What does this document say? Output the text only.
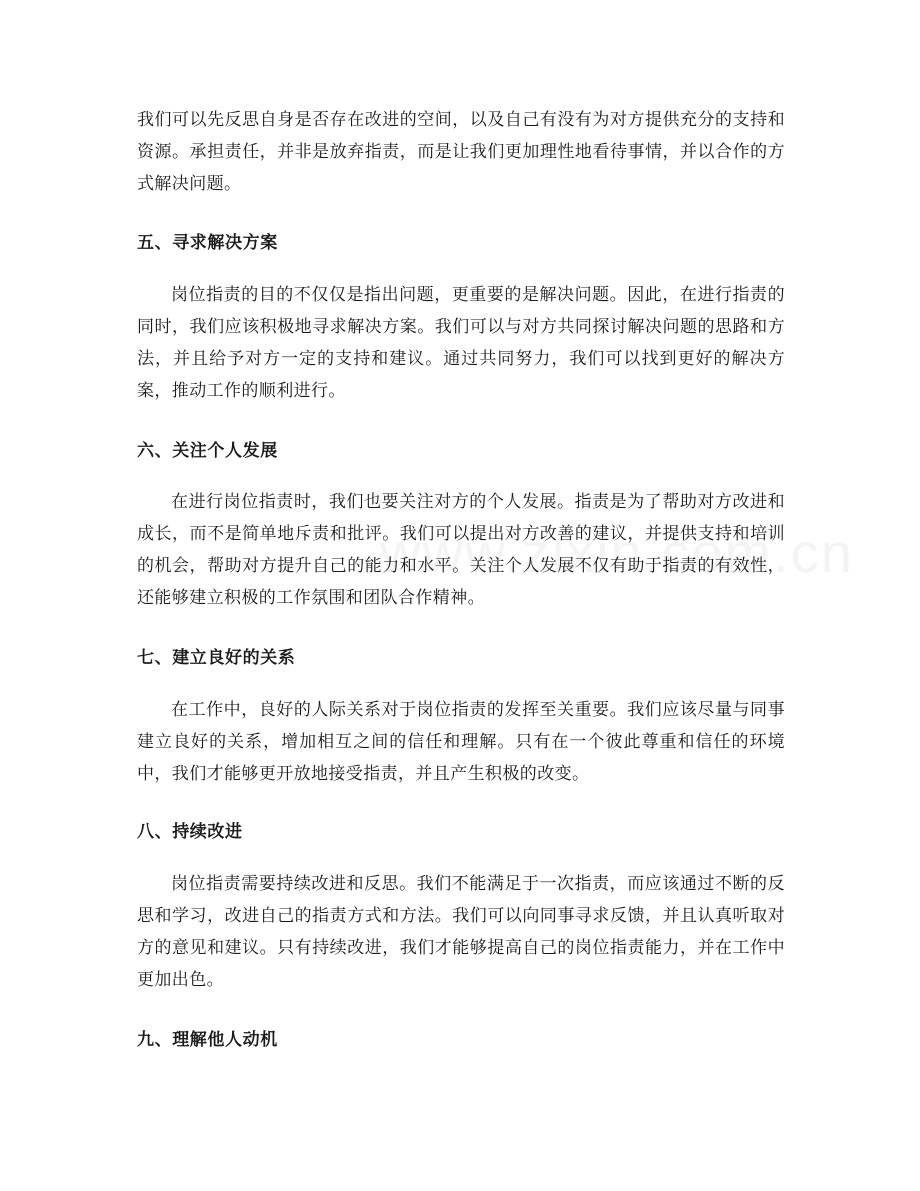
我们可以先反思自身是否存在改进的空间，以及自己有没有为对方提供充分的支持和资源。承担责任，并非是放弃指责，而是让我们更加理性地看待事情，并以合作的方式解决问题。

五、寻求解决方案

岗位指责的目的不仅仅是指出问题，更重要的是解决问题。因此，在进行指责的同时，我们应该积极地寻求解决方案。我们可以与对方共同探讨解决问题的思路和方法，并且给予对方一定的支持和建议。通过共同努力，我们可以找到更好的解决方案，推动工作的顺利进行。

六、关注个人发展

在进行岗位指责时，我们也要关注对方的个人发展。指责是为了帮助对方改进和成长，而不是简单地斥责和批评。我们可以提出对方改善的建议，并提供支持和培训的机会，帮助对方提升自己的能力和水平。关注个人发展不仅有助于指责的有效性，还能够建立积极的工作氛围和团队合作精神。

七、建立良好的关系

在工作中，良好的人际关系对于岗位指责的发挥至关重要。我们应该尽量与同事建立良好的关系，增加相互之间的信任和理解。只有在一个彼此尊重和信任的环境中，我们才能够更开放地接受指责，并且产生积极的改变。

八、持续改进

岗位指责需要持续改进和反思。我们不能满足于一次指责，而应该通过不断的反思和学习，改进自己的指责方式和方法。我们可以向同事寻求反馈，并且认真听取对方的意见和建议。只有持续改进，我们才能够提高自己的岗位指责能力，并在工作中更加出色。

九、理解他人动机
